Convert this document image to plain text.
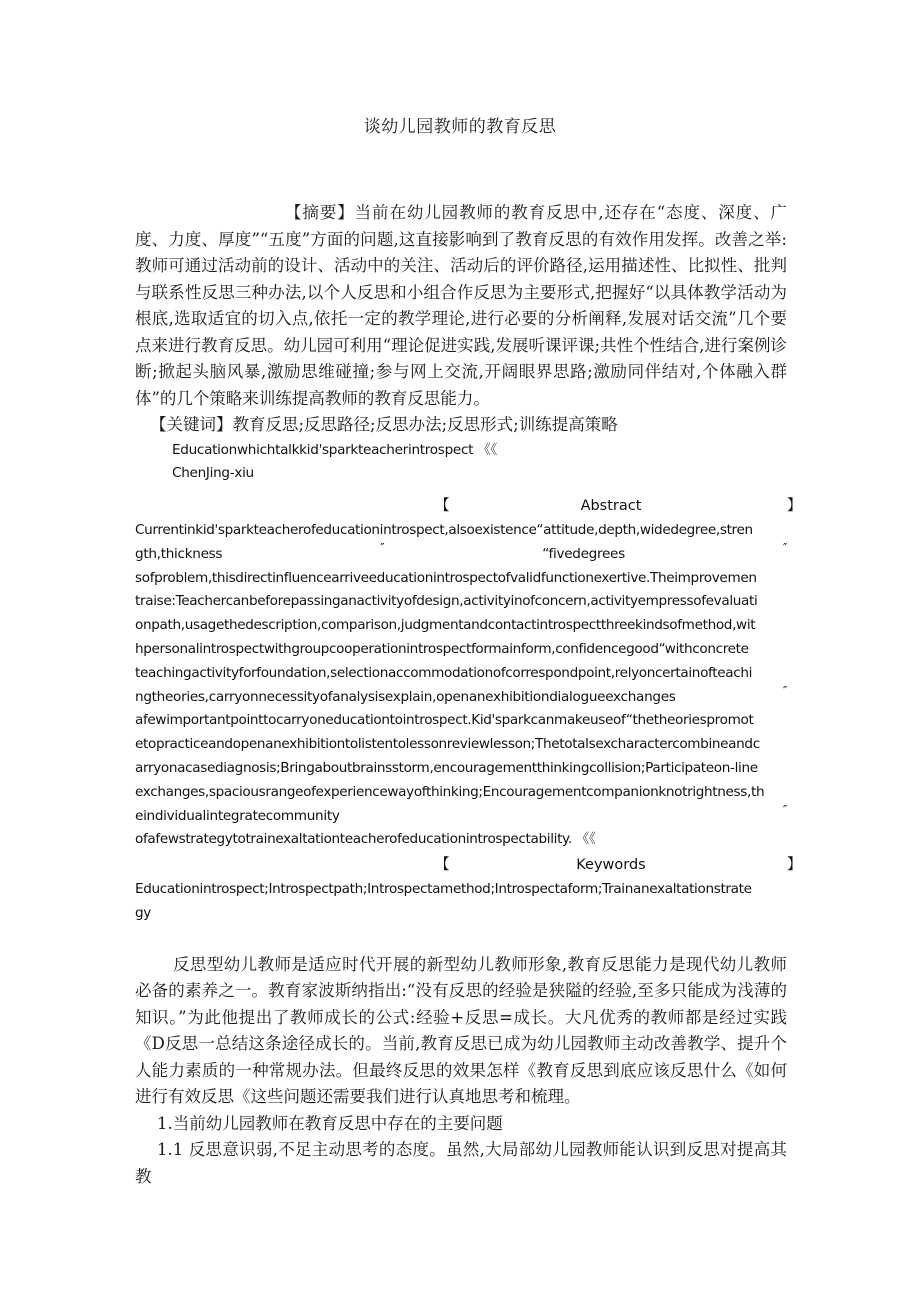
谈幼儿园教师的教育反思

【摘要】当前在幼儿园教师的教育反思中,还存在“态度、深度、广度、力度、厚度”“五度”方面的问题,这直接影响到了教育反思的有效作用发挥。改善之举:教师可通过活动前的设计、活动中的关注、活动后的评价路径,运用描述性、比拟性、批判与联系性反思三种办法,以个人反思和小组合作反思为主要形式,把握好“以具体教学活动为根底,选取适宜的切入点,依托一定的教学理论,进行必要的分析阐释,发展对话交流”几个要点来进行教育反思。幼儿园可利用“理论促进实践,发展听课评课;共性个性结合,进行案例诊断;掀起头脑风暴,激励思维碰撞;参与网上交流,开阔眼界思路;激励同伴结对,个体融入群体”的几个策略来训练提高教师的教育反思能力。

【关键词】教育反思;反思路径;反思办法;反思形式;训练提高策略

Educationwhichtalkkid'sparkteacherintrospect 《《

ChenJing-xiu

【	Abstract	】

Currentinkid'sparkteacherofeducationintrospect,alsoexistence“attitude,depth,widedegree,stren

gth,thickness	″	“fivedegrees	″

sofproblem,thisdirectinfluencearriveeducationintrospectofvalidfunctionexertive.Theimprovemen

traise:Teachercanbeforepassinganactivityofdesign,activityinofconcern,activityempressofevaluati

onpath,usagethedescription,comparison,judgmentandcontactintrospectthreekindsofmethod,wit

hpersonalintrospectwithgroupcooperationintrospectformainform,confidencegood“withconcrete

teachingactivityforfoundation,selectionaccommodationofcorrespondpoint,relyoncertainofteachi

ngtheories,carryonnecessityofanalysisexplain,openanexhibitiondialogueexchanges	″

afewimportantpointtocarryoneducationtointrospect.Kid'sparkcanmakeuseof“thetheoriespromot

etopracticeandopenanexhibitiontolistentolessonreviewlesson;Thetotalsexcharactercombineandc

arryonacasediagnosis;Bringaboutbrainsstorm,encouragementthinkingcollision;Participateon-line

exchanges,spaciousrangeofexperiencewayofthinking;Encouragementcompanionknotrightness,th

eindividualintegratecommunity	″

ofafewstrategytotrainexaltationteacherofeducationintrospectability. 《《

【	Keywords	】

Educationintrospect;Introspectpath;Introspectamethod;Introspectaform;Trainanexaltationstrate

gy

反思型幼儿教师是适应时代开展的新型幼儿教师形象,教育反思能力是现代幼儿教师必备的素养之一。教育家波斯纳指出:“没有反思的经验是狭隘的经验,至多只能成为浅薄的知识。”为此他提出了教师成长的公式:经验+反思=成长。大凡优秀的教师都是经过实践《D反思一总结这条途径成长的。当前,教育反思已成为幼儿园教师主动改善教学、提升个人能力素质的一种常规办法。但最终反思的效果怎样《教育反思到底应该反思什么《如何进行有效反思《这些问题还需要我们进行认真地思考和梳理。

1.当前幼儿园教师在教育反思中存在的主要问题

1.1 反思意识弱,不足主动思考的态度。虽然,大局部幼儿园教师能认识到反思对提高其教
